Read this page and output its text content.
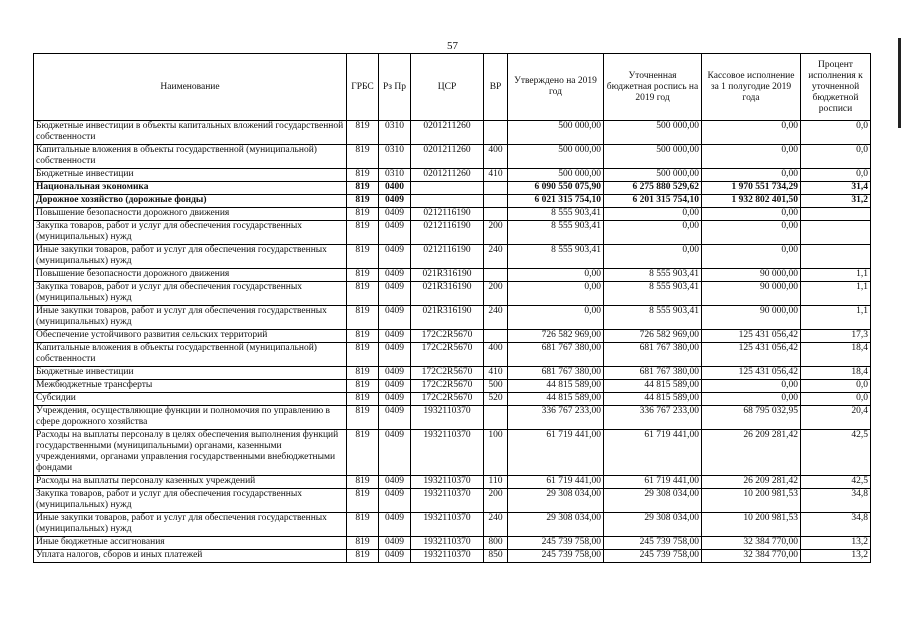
57
Наименование	ГРБС	Рз Пр	ЦСР	ВР	Утверждено на 2019 год	Уточненная бюджетная роспись на 2019 год	Кассовое исполнение за 1 полугодие 2019 года	Процент исполнения к уточненной бюджетной росписи
Бюджетные инвестиции в объекты капитальных вложений государственной собственности	819	0310	0201211260		500 000,00	500 000,00	0,00	0,0
Капитальные вложения в объекты государственной (муниципальной) собственности	819	0310	0201211260	400	500 000,00	500 000,00	0,00	0,0
Бюджетные инвестиции	819	0310	0201211260	410	500 000,00	500 000,00	0,00	0,0
Национальная экономика	819	0400			6 090 550 075,90	6 275 880 529,62	1 970 551 734,29	31,4
Дорожное хозяйство (дорожные фонды)	819	0409			6 021 315 754,10	6 201 315 754,10	1 932 802 401,50	31,2
Повышение безопасности дорожного движения	819	0409	0212116190		8 555 903,41	0,00	0,00	
Закупка товаров, работ и услуг для обеспечения государственных (муниципальных) нужд	819	0409	0212116190	200	8 555 903,41	0,00	0,00	
Иные закупки товаров, работ и услуг для обеспечения государственных (муниципальных) нужд	819	0409	0212116190	240	8 555 903,41	0,00	0,00	
Повышение безопасности дорожного движения	819	0409	021R316190		0,00	8 555 903,41	90 000,00	1,1
Закупка товаров, работ и услуг для обеспечения государственных (муниципальных) нужд	819	0409	021R316190	200	0,00	8 555 903,41	90 000,00	1,1
Иные закупки товаров, работ и услуг для обеспечения государственных (муниципальных) нужд	819	0409	021R316190	240	0,00	8 555 903,41	90 000,00	1,1
Обеспечение устойчивого развития сельских территорий	819	0409	172C2R5670		726 582 969,00	726 582 969,00	125 431 056,42	17,3
Капитальные вложения в объекты государственной (муниципальной) собственности	819	0409	172C2R5670	400	681 767 380,00	681 767 380,00	125 431 056,42	18,4
Бюджетные инвестиции	819	0409	172C2R5670	410	681 767 380,00	681 767 380,00	125 431 056,42	18,4
Межбюджетные трансферты	819	0409	172C2R5670	500	44 815 589,00	44 815 589,00	0,00	0,0
Субсидии	819	0409	172C2R5670	520	44 815 589,00	44 815 589,00	0,00	0,0
Учреждения, осуществляющие функции и полномочия по управлению в сфере дорожного хозяйства	819	0409	1932110370		336 767 233,00	336 767 233,00	68 795 032,95	20,4
Расходы на выплаты персоналу в целях обеспечения выполнения функций государственными (муниципальными) органами, казенными учреждениями, органами управления государственными внебюджетными фондами	819	0409	1932110370	100	61 719 441,00	61 719 441,00	26 209 281,42	42,5
Расходы на выплаты персоналу казенных учреждений	819	0409	1932110370	110	61 719 441,00	61 719 441,00	26 209 281,42	42,5
Закупка товаров, работ и услуг для обеспечения государственных (муниципальных) нужд	819	0409	1932110370	200	29 308 034,00	29 308 034,00	10 200 981,53	34,8
Иные закупки товаров, работ и услуг для обеспечения государственных (муниципальных) нужд	819	0409	1932110370	240	29 308 034,00	29 308 034,00	10 200 981,53	34,8
Иные бюджетные ассигнования	819	0409	1932110370	800	245 739 758,00	245 739 758,00	32 384 770,00	13,2
Уплата налогов, сборов и иных платежей	819	0409	1932110370	850	245 739 758,00	245 739 758,00	32 384 770,00	13,2
